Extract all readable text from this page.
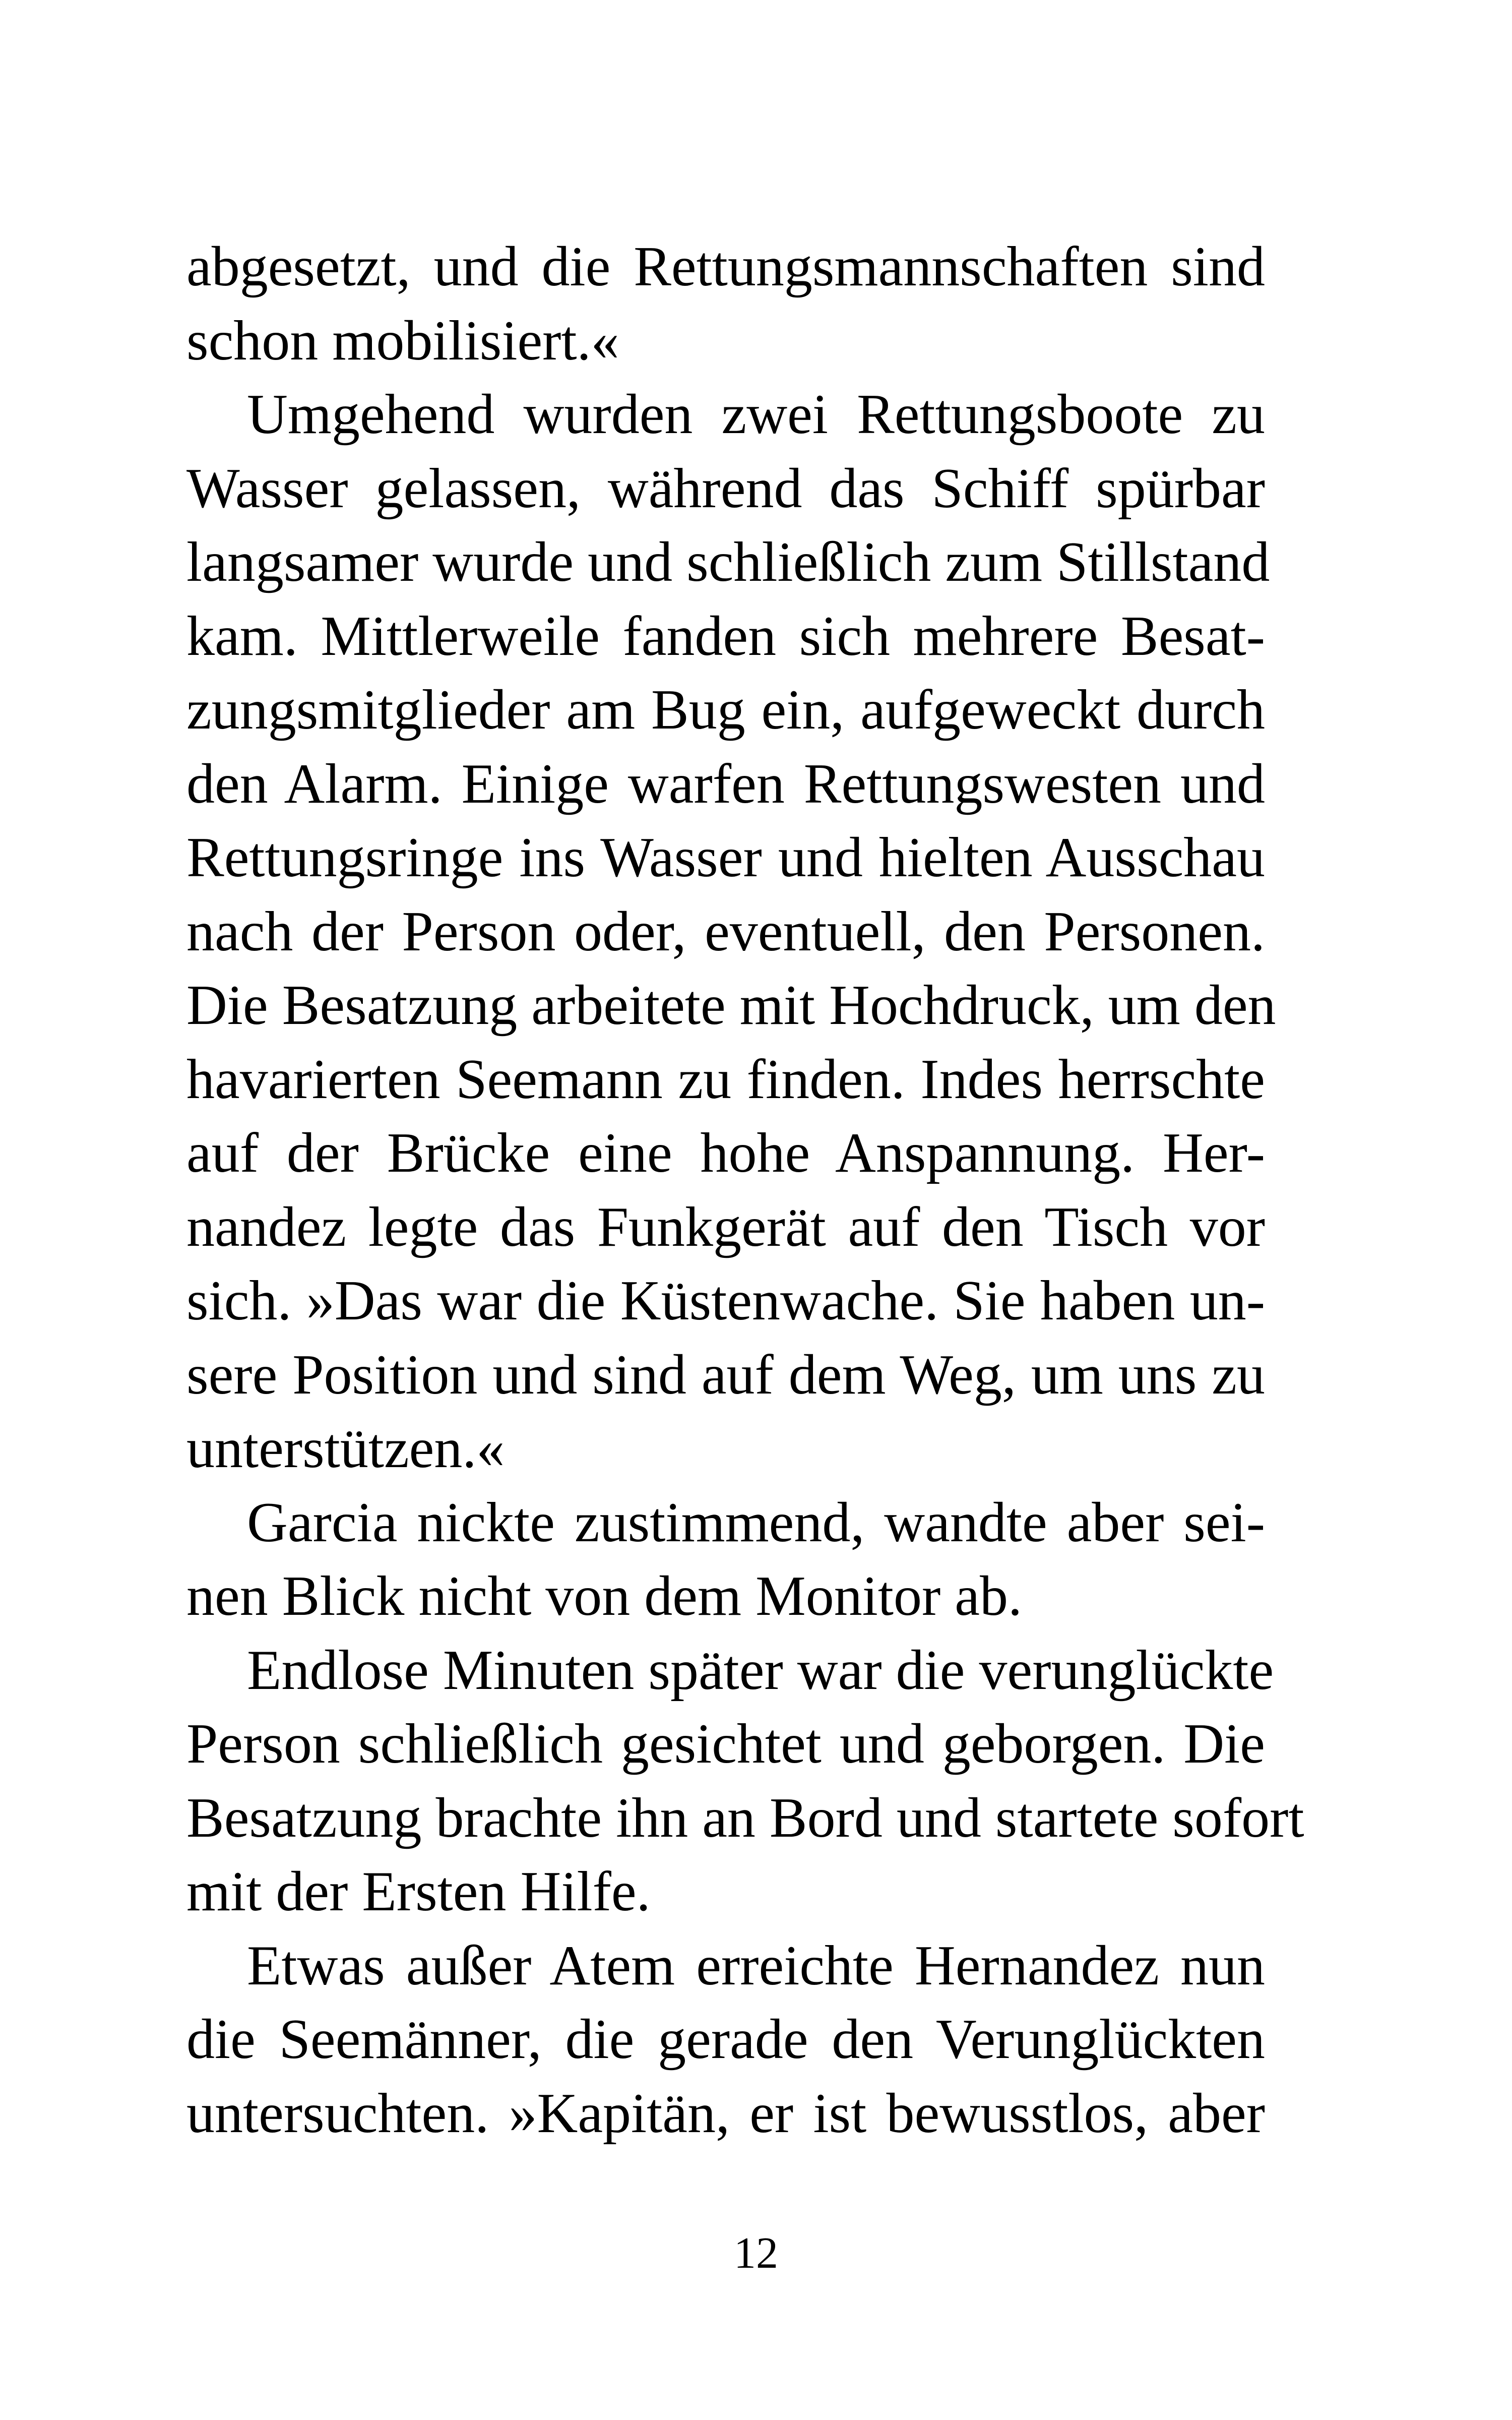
abgesetzt, und die Rettungsmannschaften sind
schon mobilisiert.«
Umgehend wurden zwei Rettungsboote zu
Wasser gelassen, während das Schiff spürbar
langsamer wurde und schließlich zum Stillstand
kam. Mittlerweile fanden sich mehrere Besat-
zungsmitglieder am Bug ein, aufgeweckt durch
den Alarm. Einige warfen Rettungswesten und
Rettungsringe ins Wasser und hielten Ausschau
nach der Person oder, eventuell, den Personen.
Die Besatzung arbeitete mit Hochdruck, um den
havarierten Seemann zu finden. Indes herrschte
auf der Brücke eine hohe Anspannung. Her-
nandez legte das Funkgerät auf den Tisch vor
sich. »Das war die Küstenwache. Sie haben un-
sere Position und sind auf dem Weg, um uns zu
unterstützen.«
Garcia nickte zustimmend, wandte aber sei-
nen Blick nicht von dem Monitor ab.
Endlose Minuten später war die verunglückte
Person schließlich gesichtet und geborgen. Die
Besatzung brachte ihn an Bord und startete sofort
mit der Ersten Hilfe.
Etwas außer Atem erreichte Hernandez nun
die Seemänner, die gerade den Verunglückten
untersuchten. »Kapitän, er ist bewusstlos, aber
12
